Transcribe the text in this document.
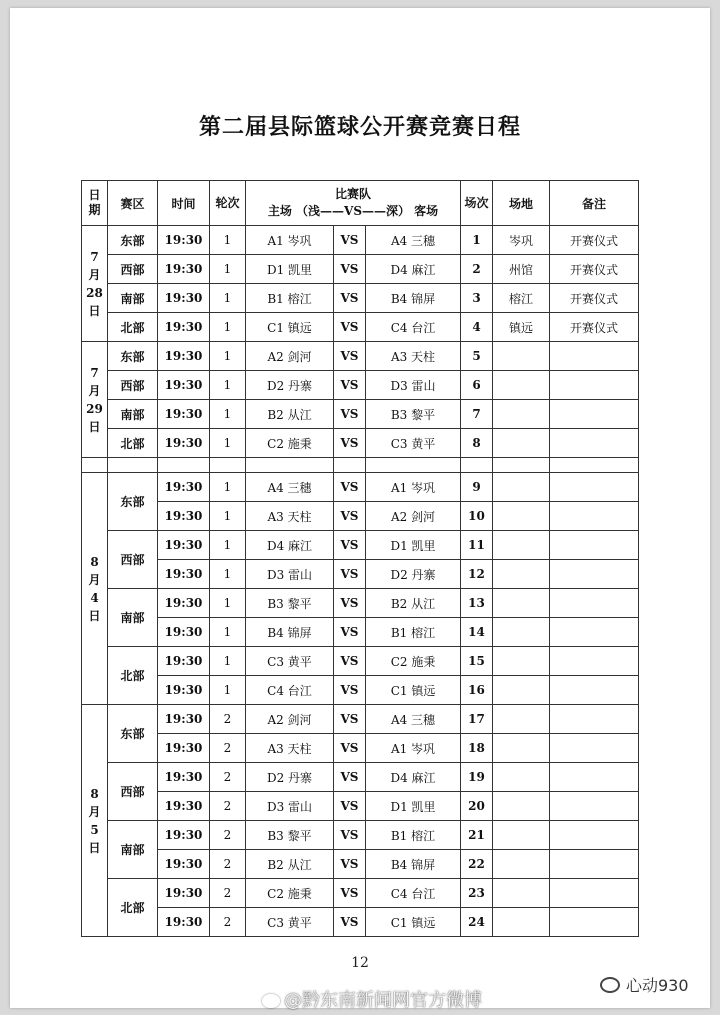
第二届县际篮球公开赛竞赛日程
日期	赛区	时间	轮次	比赛队
主场 （浅——VS——深） 客场			场次	场地	备注
7月28日	东部	19:30	1	A1 岑巩	VS	A4 三穗	1	岑巩	开赛仪式
	西部	19:30	1	D1 凯里	VS	D4 麻江	2	州馆	开赛仪式
	南部	19:30	1	B1 榕江	VS	B4 锦屏	3	榕江	开赛仪式
	北部	19:30	1	C1 镇远	VS	C4 台江	4	镇远	开赛仪式
7月29日	东部	19:30	1	A2 剑河	VS	A3 天柱	5		
	西部	19:30	1	D2 丹寨	VS	D3 雷山	6		
	南部	19:30	1	B2 从江	VS	B3 黎平	7		
	北部	19:30	1	C2 施秉	VS	C3 黄平	8		

8月4日	东部	19:30	1	A4 三穗	VS	A1 岑巩	9		
		19:30	1	A3 天柱	VS	A2 剑河	10		
	西部	19:30	1	D4 麻江	VS	D1 凯里	11		
		19:30	1	D3 雷山	VS	D2 丹寨	12		
	南部	19:30	1	B3 黎平	VS	B2 从江	13		
		19:30	1	B4 锦屏	VS	B1 榕江	14		
	北部	19:30	1	C3 黄平	VS	C2 施秉	15		
		19:30	1	C4 台江	VS	C1 镇远	16		
8月5日	东部	19:30	2	A2 剑河	VS	A4 三穗	17		
		19:30	2	A3 天柱	VS	A1 岑巩	18		
	西部	19:30	2	D2 丹寨	VS	D4 麻江	19		
		19:30	2	D3 雷山	VS	D1 凯里	20		
	南部	19:30	2	B3 黎平	VS	B1 榕江	21		
		19:30	2	B2 从江	VS	B4 锦屏	22		
	北部	19:30	2	C2 施秉	VS	C4 台江	23		
		19:30	2	C3 黄平	VS	C1 镇远	24		
12
心动930
@黔东南新闻网官方微博
